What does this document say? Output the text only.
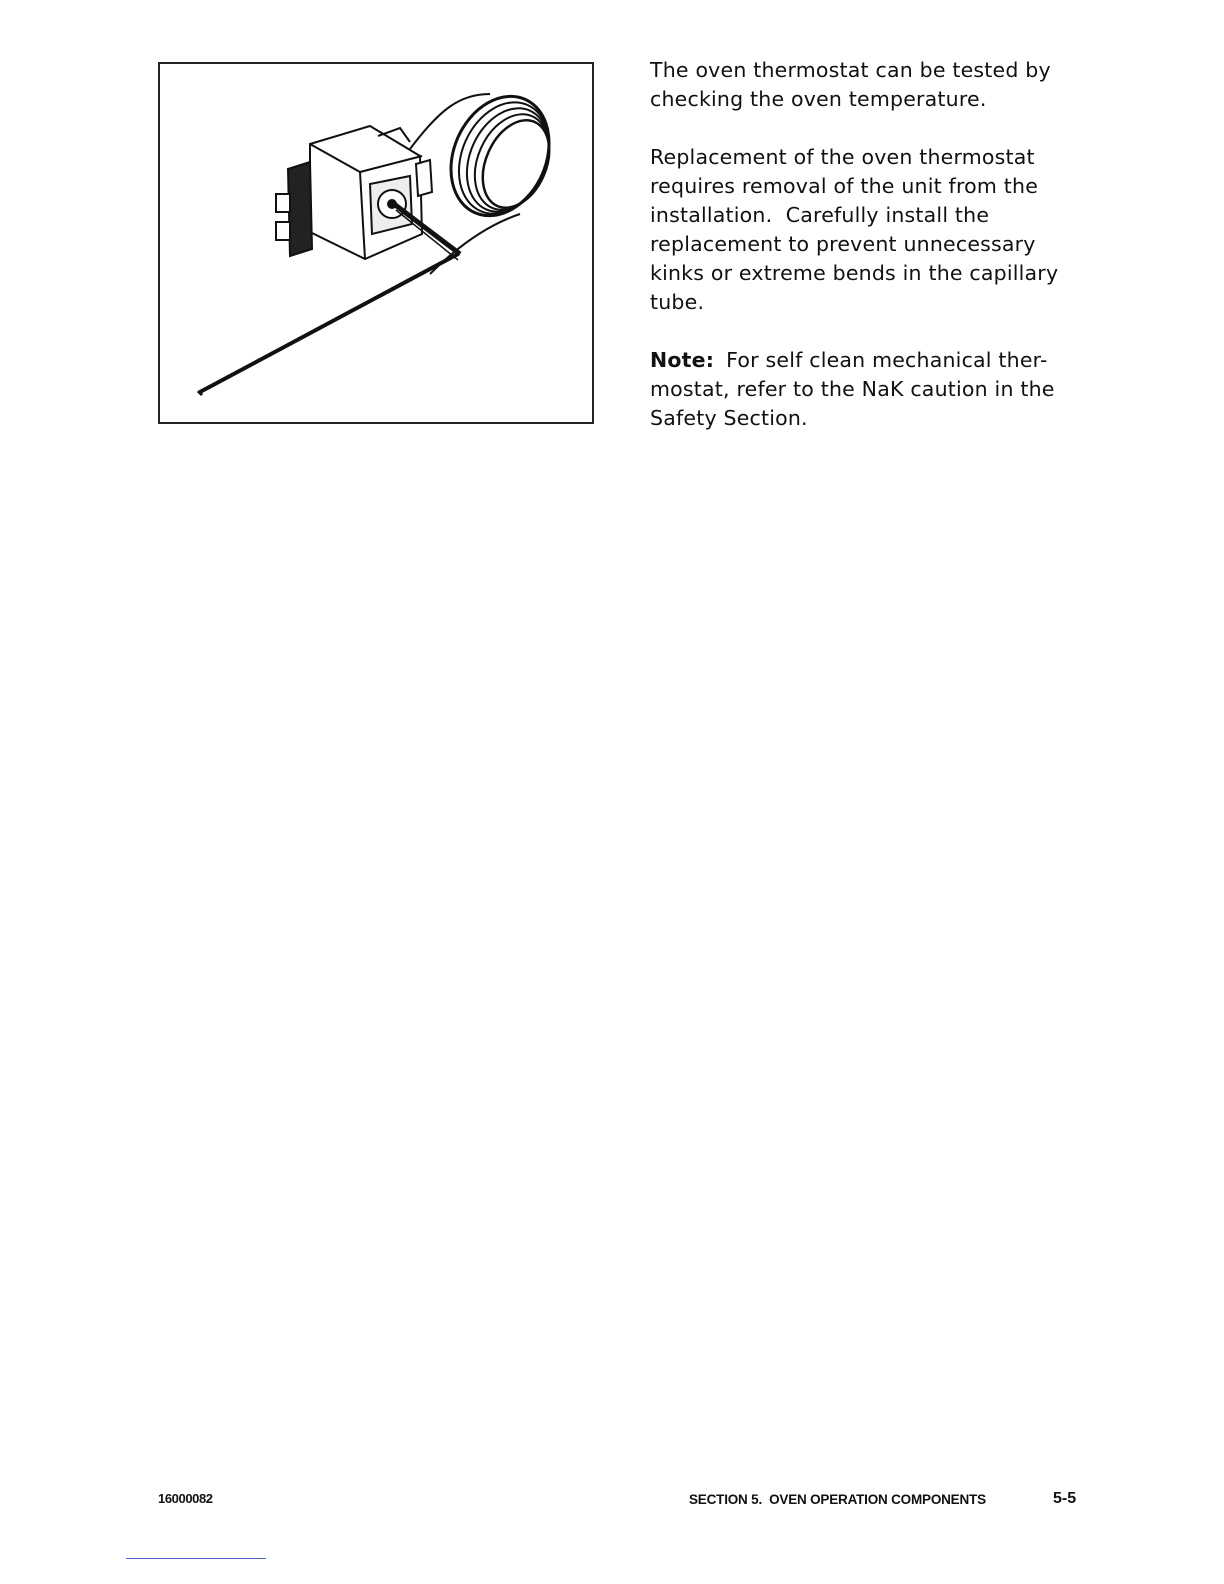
The oven thermostat can be tested by
checking the oven temperature.

Replacement of the oven thermostat
requires removal of the unit from the
installation.  Carefully install the
replacement to prevent unnecessary
kinks or extreme bends in the capillary
tube.

Note: For self clean mechanical ther-
mostat, refer to the NaK caution in the
Safety Section.

16000082	SECTION 5.  OVEN OPERATION COMPONENTS	5-5
